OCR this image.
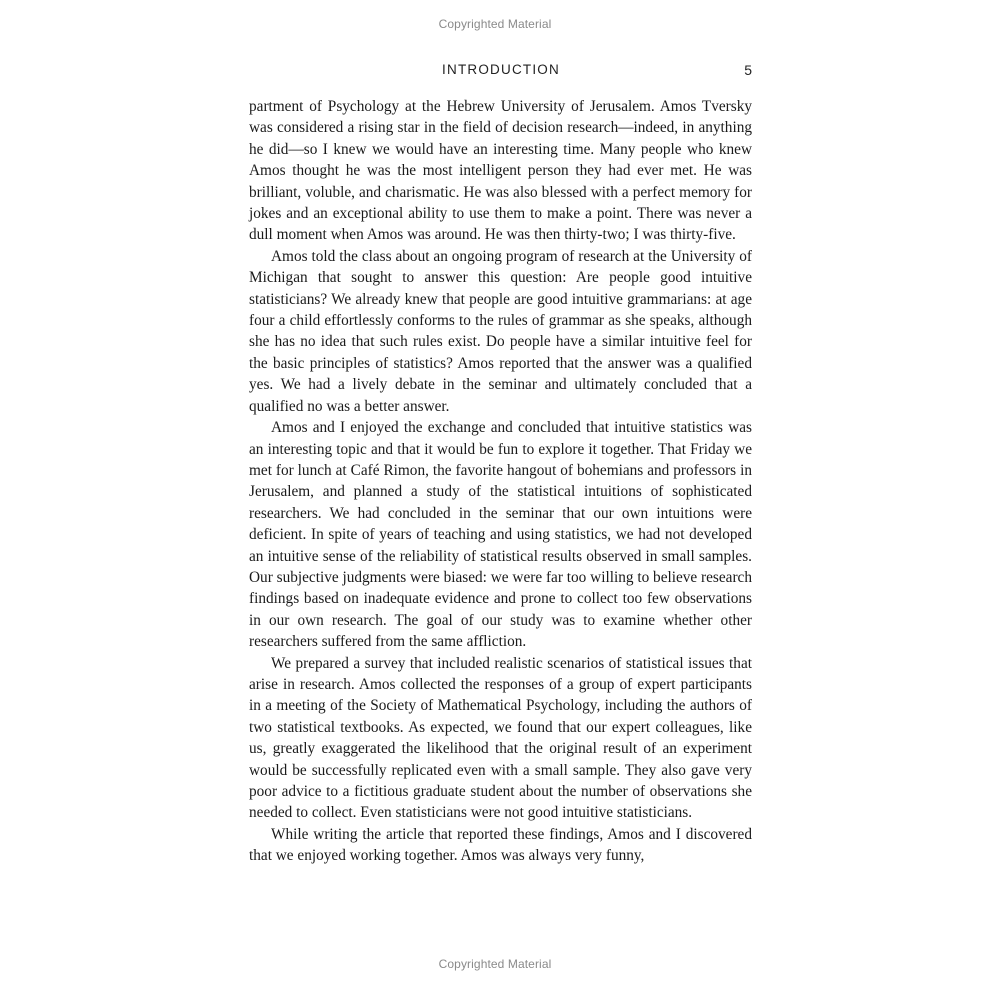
Copyrighted Material
INTRODUCTION	5

partment of Psychology at the Hebrew University of Jerusalem. Amos Tversky was considered a rising star in the field of decision research—indeed, in anything he did—so I knew we would have an interesting time. Many people who knew Amos thought he was the most intelligent person they had ever met. He was brilliant, voluble, and charismatic. He was also blessed with a perfect memory for jokes and an exceptional ability to use them to make a point. There was never a dull moment when Amos was around. He was then thirty-two; I was thirty-five.

Amos told the class about an ongoing program of research at the University of Michigan that sought to answer this question: Are people good intuitive statisticians? We already knew that people are good intuitive grammarians: at age four a child effortlessly conforms to the rules of grammar as she speaks, although she has no idea that such rules exist. Do people have a similar intuitive feel for the basic principles of statistics? Amos reported that the answer was a qualified yes. We had a lively debate in the seminar and ultimately concluded that a qualified no was a better answer.

Amos and I enjoyed the exchange and concluded that intuitive statistics was an interesting topic and that it would be fun to explore it together. That Friday we met for lunch at Café Rimon, the favorite hangout of bohemians and professors in Jerusalem, and planned a study of the statistical intuitions of sophisticated researchers. We had concluded in the seminar that our own intuitions were deficient. In spite of years of teaching and using statistics, we had not developed an intuitive sense of the reliability of statistical results observed in small samples. Our subjective judgments were biased: we were far too willing to believe research findings based on inadequate evidence and prone to collect too few observations in our own research. The goal of our study was to examine whether other researchers suffered from the same affliction.

We prepared a survey that included realistic scenarios of statistical issues that arise in research. Amos collected the responses of a group of expert participants in a meeting of the Society of Mathematical Psychology, including the authors of two statistical textbooks. As expected, we found that our expert colleagues, like us, greatly exaggerated the likelihood that the original result of an experiment would be successfully replicated even with a small sample. They also gave very poor advice to a fictitious graduate student about the number of observations she needed to collect. Even statisticians were not good intuitive statisticians.

While writing the article that reported these findings, Amos and I discovered that we enjoyed working together. Amos was always very funny,

Copyrighted Material
